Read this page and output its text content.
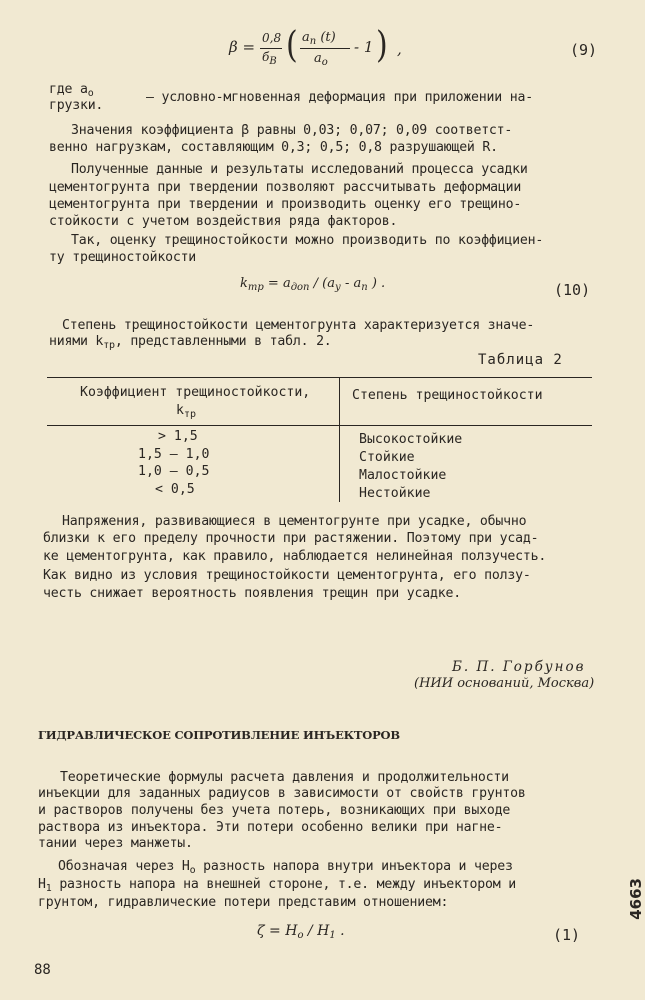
β = 0,8
$б_В$ ( $a_п$ (t)
$a_o$
- 1 ) ,	(9)
где $a_o$	– условно-мгновенная деформация при приложении на-
грузки.
Значения коэффициента β равны 0,03; 0,07; 0,09 соответст-
венно нагрузкам, составляющим 0,3; 0,5; 0,8 разрушающей R.
Полученные данные и результаты исследований процесса усадки
цементогрунта при твердении позволяют рассчитывать деформации
цементогрунта при твердении и производить оценку его трещино-
стойкости с учетом воздействия ряда факторов.
Так, оценку трещиностойкости можно производить по коэффициен-
ту трещиностойкости
$k_{тр} = a_{доп} / (a_у - a_п$ ) .	(10)
Степень трещиностойкости цементогрунта характеризуется значе-
ниями $k_{тр}$, представленными в табл. 2.
Таблица 2
Коэффициент трещиностойкости,
$k_{тр}$
Степень трещиностойкости
> 1,5	Высокостойкие
1,5 – 1,0	Стойкие
1,0 – 0,5	Малостойкие
< 0,5	Нестойкие
Напряжения, развивающиеся в цементогрунте при усадке, обычно
близки к его пределу прочности при растяжении. Поэтому при усад-
ке цементогрунта, как правило, наблюдается нелинейная ползучесть.
Как видно из условия трещиностойкости цементогрунта, его ползу-
честь снижает вероятность появления трещин при усадке.
Б. П. Горбунов
(НИИ оснований, Москва)
ГИДРАВЛИЧЕСКОЕ СОПРОТИВЛЕНИЕ ИНЪЕКТОРОВ
Теоретические формулы расчета давления и продолжительности
инъекции для заданных радиусов в зависимости от свойств грунтов
и растворов получены без учета потерь, возникающих при выходе
раствора из инъектора. Эти потери особенно велики при нагне-
тании через манжеты.
Обозначая через $H_o$ разность напора внутри инъектора и через
$H_1$ разность напора на внешней стороне, т.е. между инъектором и
грунтом, гидравлические потери представим отношением:
$\zeta = H_o / H_1$ .	(1)
88
4663
